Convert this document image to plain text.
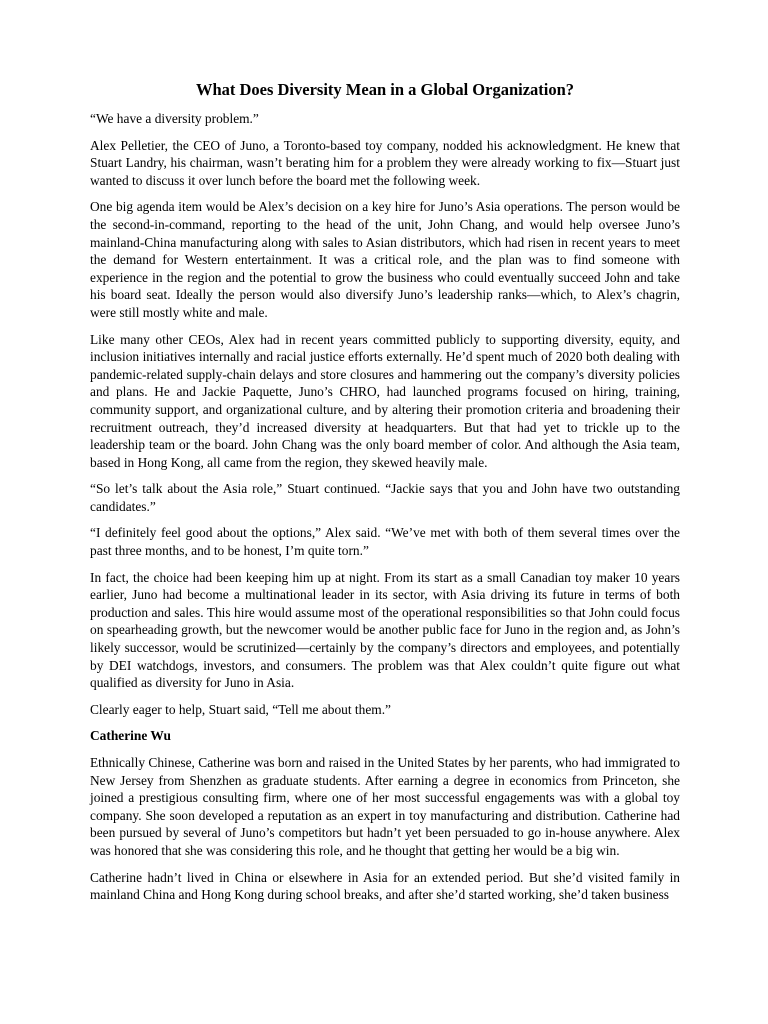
What Does Diversity Mean in a Global Organization?

“We have a diversity problem.”

Alex Pelletier, the CEO of Juno, a Toronto-based toy company, nodded his acknowledgment. He knew that Stuart Landry, his chairman, wasn’t berating him for a problem they were already working to fix—Stuart just wanted to discuss it over lunch before the board met the following week.

One big agenda item would be Alex’s decision on a key hire for Juno’s Asia operations. The person would be the second-in-command, reporting to the head of the unit, John Chang, and would help oversee Juno’s mainland-China manufacturing along with sales to Asian distributors, which had risen in recent years to meet the demand for Western entertainment. It was a critical role, and the plan was to find someone with experience in the region and the potential to grow the business who could eventually succeed John and take his board seat. Ideally the person would also diversify Juno’s leadership ranks—which, to Alex’s chagrin, were still mostly white and male.

Like many other CEOs, Alex had in recent years committed publicly to supporting diversity, equity, and inclusion initiatives internally and racial justice efforts externally. He’d spent much of 2020 both dealing with pandemic-related supply-chain delays and store closures and hammering out the company’s diversity policies and plans. He and Jackie Paquette, Juno’s CHRO, had launched programs focused on hiring, training, community support, and organizational culture, and by altering their promotion criteria and broadening their recruitment outreach, they’d increased diversity at headquarters. But that had yet to trickle up to the leadership team or the board. John Chang was the only board member of color. And although the Asia team, based in Hong Kong, all came from the region, they skewed heavily male.

“So let’s talk about the Asia role,” Stuart continued. “Jackie says that you and John have two outstanding candidates.”

“I definitely feel good about the options,” Alex said. “We’ve met with both of them several times over the past three months, and to be honest, I’m quite torn.”

In fact, the choice had been keeping him up at night. From its start as a small Canadian toy maker 10 years earlier, Juno had become a multinational leader in its sector, with Asia driving its future in terms of both production and sales. This hire would assume most of the operational responsibilities so that John could focus on spearheading growth, but the newcomer would be another public face for Juno in the region and, as John’s likely successor, would be scrutinized—certainly by the company’s directors and employees, and potentially by DEI watchdogs, investors, and consumers. The problem was that Alex couldn’t quite figure out what qualified as diversity for Juno in Asia.

Clearly eager to help, Stuart said, “Tell me about them.”

Catherine Wu

Ethnically Chinese, Catherine was born and raised in the United States by her parents, who had immigrated to New Jersey from Shenzhen as graduate students. After earning a degree in economics from Princeton, she joined a prestigious consulting firm, where one of her most successful engagements was with a global toy company. She soon developed a reputation as an expert in toy manufacturing and distribution. Catherine had been pursued by several of Juno’s competitors but hadn’t yet been persuaded to go in-house anywhere. Alex was honored that she was considering this role, and he thought that getting her would be a big win.

Catherine hadn’t lived in China or elsewhere in Asia for an extended period. But she’d visited family in mainland China and Hong Kong during school breaks, and after she’d started working, she’d taken business
